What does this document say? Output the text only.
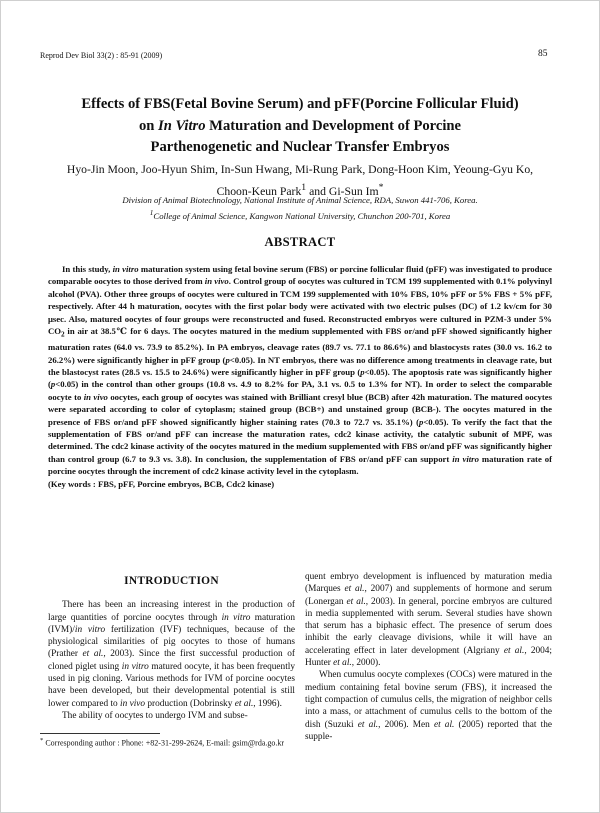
Reprod Dev Biol 33(2) : 85-91 (2009)	85
Effects of FBS(Fetal Bovine Serum) and pFF(Porcine Follicular Fluid)
on In Vitro Maturation and Development of Porcine
Parthenogenetic and Nuclear Transfer Embryos
Hyo-Jin Moon, Joo-Hyun Shim, In-Sun Hwang, Mi-Rung Park, Dong-Hoon Kim, Yeoung-Gyu Ko,
Choon-Keun Park$^1$ and Gi-Sun Im*
Division of Animal Biotechnology, National Institute of Animal Science, RDA, Suwon 441-706, Korea.
$^1$College of Animal Science, Kangwon National University, Chunchon 200-701, Korea
ABSTRACT

In this study, in vitro maturation system using fetal bovine serum (FBS) or porcine follicular fluid (pFF) was investigated to produce comparable oocytes to those derived from in vivo. Control group of oocytes was cultured in TCM 199 supplemented with 0.1% polyvinyl alcohol (PVA). Other three groups of oocytes were cultured in TCM 199 supplemented with 10% FBS, 10% pFF or 5% FBS + 5% pFF, respectively. After 44 h maturation, oocytes with the first polar body were activated with two electric pulses (DC) of 1.2 kv/cm for 30 μsec. Also, matured oocytes of four groups were reconstructed and fused. Reconstructed embryos were cultured in PZM-3 under 5% $CO_2$ in air at 38.5℃ for 6 days. The oocytes matured in the medium supplemented with FBS or/and pFF showed significantly higher maturation rates (64.0 vs. 73.9 to 85.2%). In PA embryos, cleavage rates (89.7 vs. 77.1 to 86.6%) and blastocysts rates (30.0 vs. 16.2 to 26.2%) were significantly higher in pFF group (p<0.05). In NT embryos, there was no difference among treatments in cleavage rate, but the blastocyst rates (28.5 vs. 15.5 to 24.6%) were significantly higher in pFF group (p<0.05). The apoptosis rate was significantly higher (p<0.05) in the control than other groups (10.8 vs. 4.9 to 8.2% for PA, 3.1 vs. 0.5 to 1.3% for NT). In order to select the comparable oocyte to in vivo oocytes, each group of oocytes was stained with Brilliant cresyl blue (BCB) after 42h maturation. The matured oocytes were separated according to color of cytoplasm; stained group (BCB+) and unstained group (BCB-). The oocytes matured in the presence of FBS or/and pFF showed significantly higher staining rates (70.3 to 72.7 vs. 35.1%) (p<0.05). To verify the fact that the supplementation of FBS or/and pFF can increase the maturation rates, cdc2 kinase activity, the catalytic subunit of MPF, was determined. The cdc2 kinase activity of the oocytes matured in the medium supplemented with FBS or/and pFF was significantly higher than control group (6.7 to 9.3 vs. 3.8). In conclusion, the supplementation of FBS or/and pFF can support in vitro maturation rate of porcine oocytes through the increment of cdc2 kinase activity level in the cytoplasm.

(Key words : FBS, pFF, Porcine embryos, BCB, Cdc2 kinase)
INTRODUCTION

There has been an increasing interest in the production of large quantities of porcine oocytes through in vitro maturation (IVM)/in vitro fertilization (IVF) techniques, because of the physiological similarities of pig oocytes to those of humans (Prather et al., 2003). Since the first successful production of cloned piglet using in vitro matured oocyte, it has been frequently used in pig cloning. Various methods for IVM of porcine oocytes have been developed, but their developmental potential is still lower compared to in vivo production (Dobrinsky et al., 1996).

The ability of oocytes to undergo IVM and subse-

quent embryo development is influenced by maturation media (Marques et al., 2007) and supplements of hormone and serum (Lonergan et al., 2003). In general, porcine embryos are cultured in media supplemented with serum. Several studies have shown that serum has a biphasic effect. The presence of serum does inhibit the early cleavage divisions, while it will have an accelerating effect in later development (Algriany et al., 2004; Hunter et al., 2000).

When cumulus oocyte complexes (COCs) were matured in the medium containing fetal bovine serum (FBS), it increased the tight compaction of cumulus cells, the migration of neighbor cells into a mass, or attachment of cumulus cells to the bottom of the dish (Suzuki et al., 2006). Men et al. (2005) reported that the supple-

* Corresponding author : Phone: +82-31-299-2624, E-mail: gsim@rda.go.kr
